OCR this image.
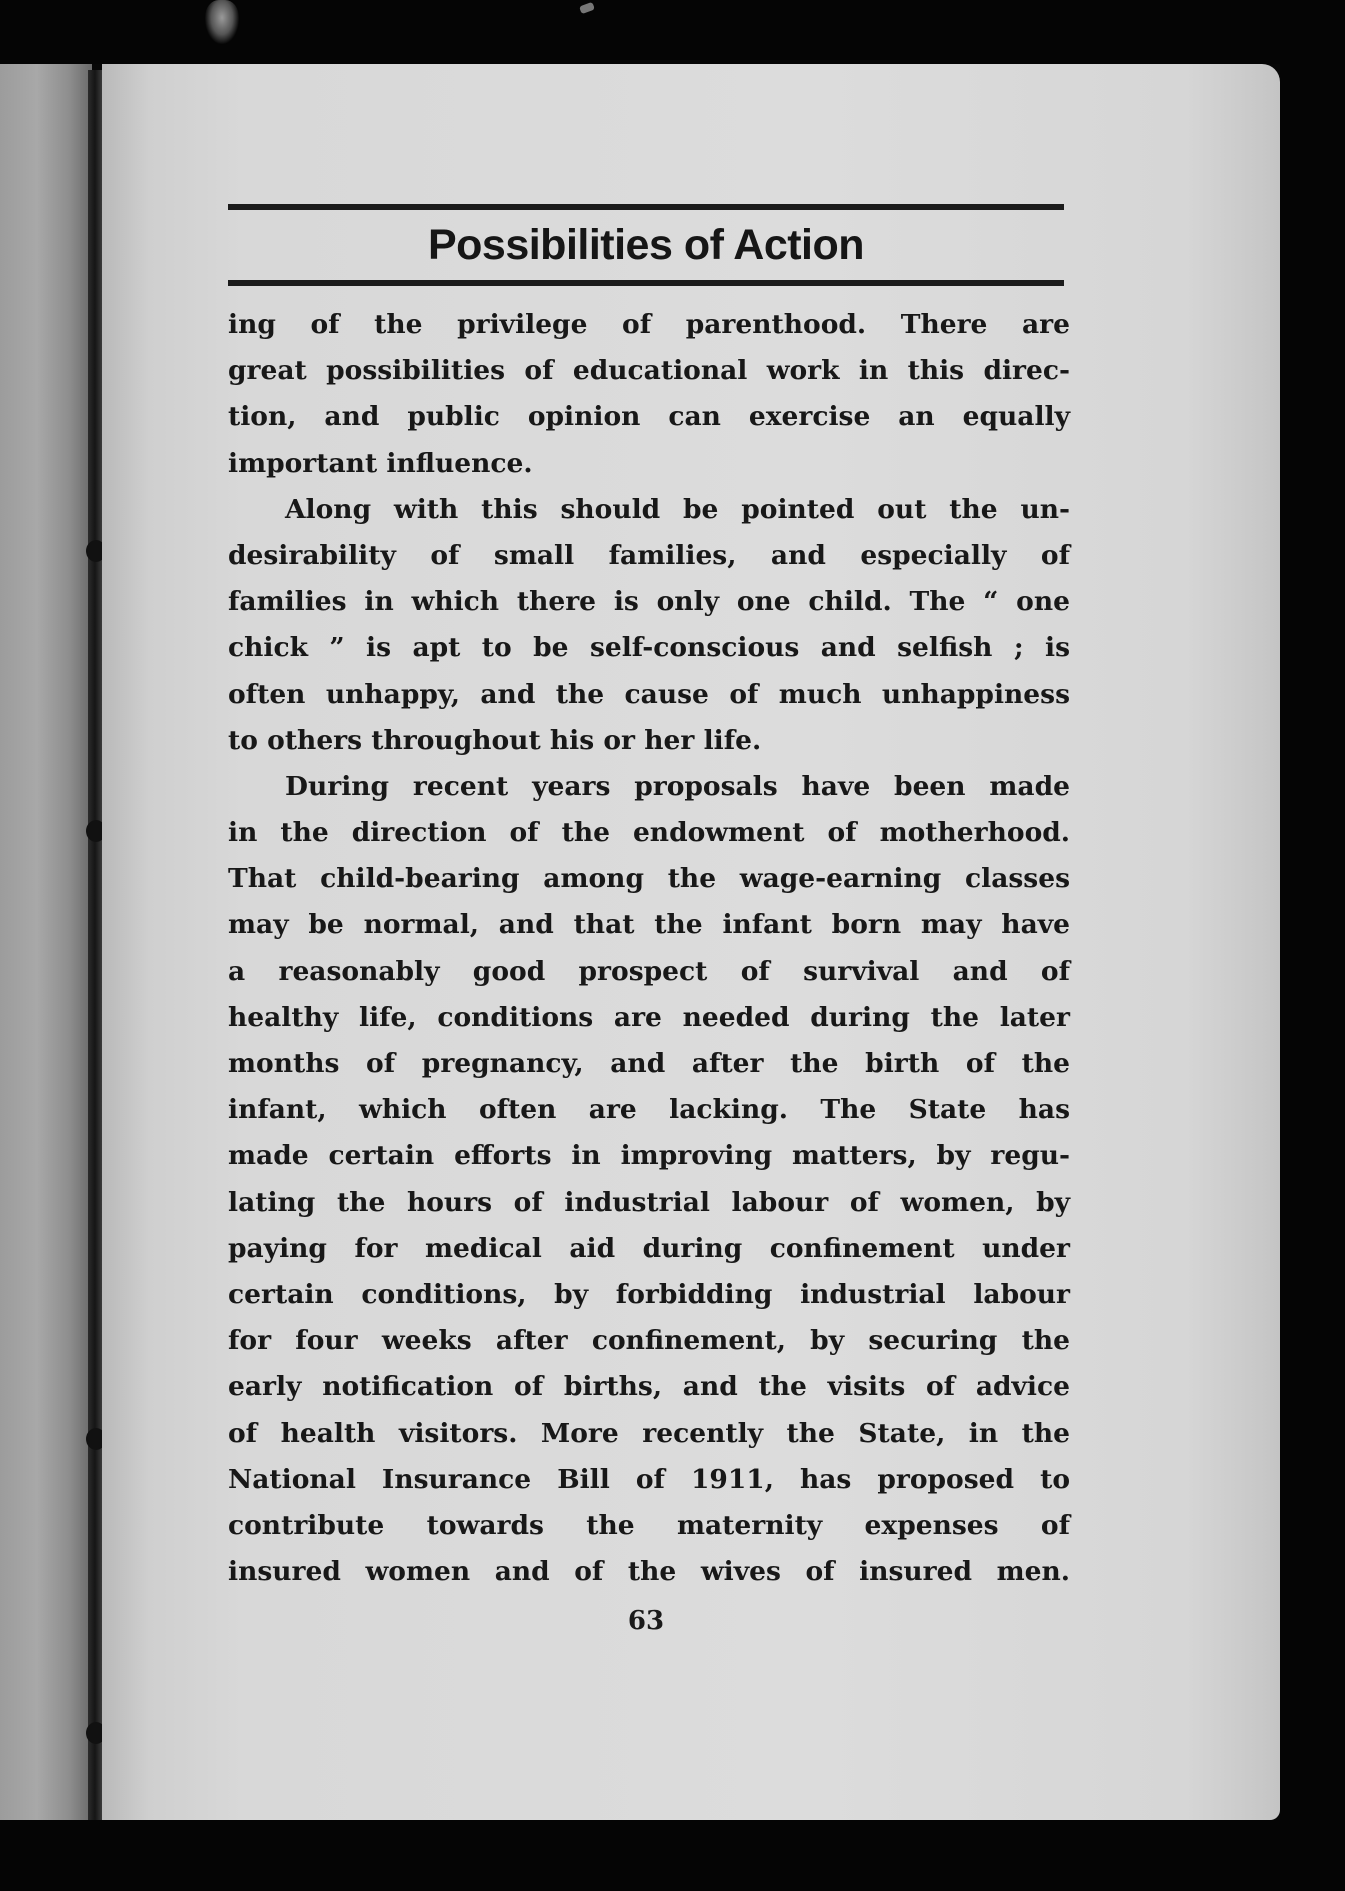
Possibilities of Action
ing of the privilege of parenthood. There are
great possibilities of educational work in this direc-
tion, and public opinion can exercise an equally
important influence.
Along with this should be pointed out the un-
desirability of small families, and especially of
families in which there is only one child. The “ one
chick ” is apt to be self-conscious and selfish ; is
often unhappy, and the cause of much unhappiness
to others throughout his or her life.
During recent years proposals have been made
in the direction of the endowment of motherhood.
That child-bearing among the wage-earning classes
may be normal, and that the infant born may have
a reasonably good prospect of survival and of
healthy life, conditions are needed during the later
months of pregnancy, and after the birth of the
infant, which often are lacking. The State has
made certain efforts in improving matters, by regu-
lating the hours of industrial labour of women, by
paying for medical aid during confinement under
certain conditions, by forbidding industrial labour
for four weeks after confinement, by securing the
early notification of births, and the visits of advice
of health visitors. More recently the State, in the
National Insurance Bill of 1911, has proposed to
contribute towards the maternity expenses of
insured women and of the wives of insured men.
63
